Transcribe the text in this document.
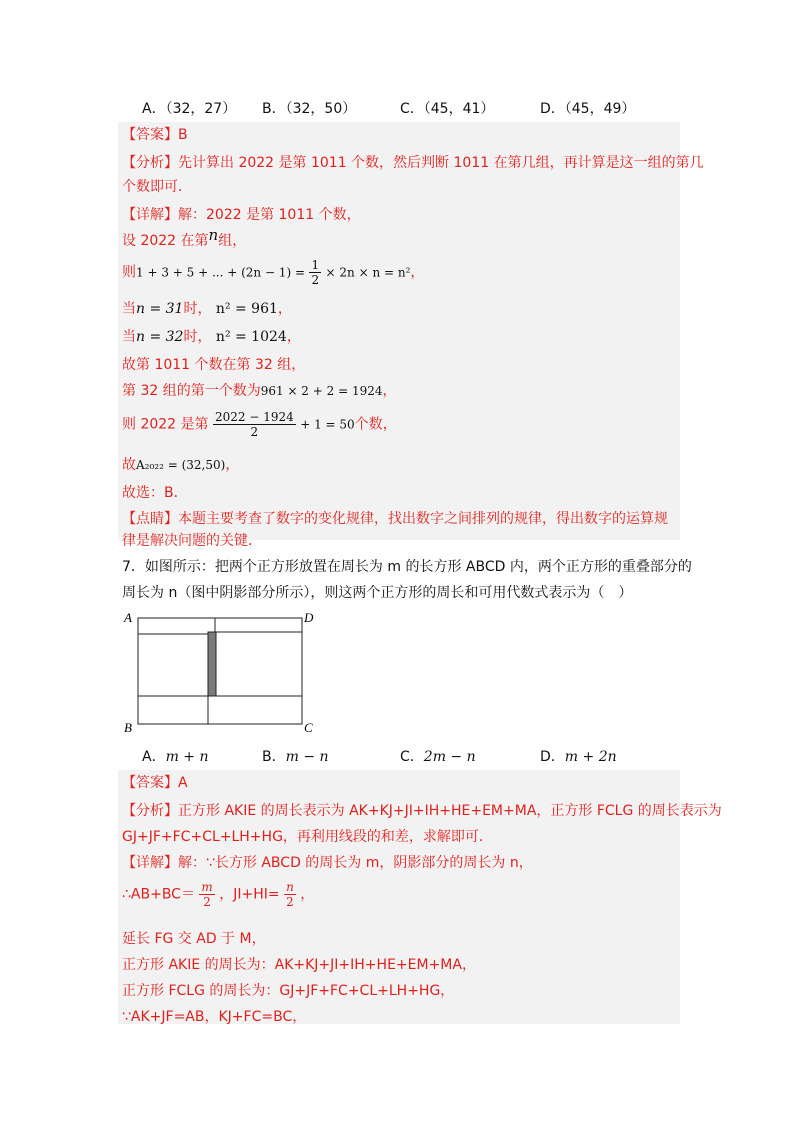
A．（32，27） B．（32，50）	C．（45，41）	D．（45，49）
【答案】B
【分析】先计算出 2022 是第 1011 个数，然后判断 1011 在第几组，再计算是这一组的第几
个数即可．
【详解】解：2022 是第 1011 个数，
设 2022 在第n组，
则1 + 3 + 5 + ... + $(2n - 1) = \frac{1}{2} \times 2n \times n = n^2$，
当n = 31时， n² = 961，
当n = 32时， n² = 1024，
故第 1011 个数在第 32 组，
第 32 组的第一个数为961 × 2 + 2 = 1924，
则 2022 是第 $\frac{2022 - 1924}{2} + 1 = 50$个数，
故A₂₀₂₂ = (32,50)，
故选：B．
【点睛】本题主要考查了数字的变化规律，找出数字之间排列的规律，得出数字的运算规
律是解决问题的关键．
7．如图所示：把两个正方形放置在周长为 m 的长方形 ABCD 内，两个正方形的重叠部分的
周长为 n（图中阴影部分所示），则这两个正方形的周长和可用代数式表示为（　）
A	D
B	C
A．m + n	B．m − n	C．2m − n	D．m + 2n
【答案】A
【分析】正方形 AKIE 的周长表示为 AK+KJ+JI+IH+HE+EM+MA，正方形 FCLG 的周长表示为
GJ+JF+FC+CL+LH+HG，再利用线段的和差，求解即可．
【详解】解：∵长方形 ABCD 的周长为 m，阴影部分的周长为 n，
∴AB+BC＝ $\frac{m}{2}$ ，$JI+HI= \frac{n}{2}$ ，
延长 FG 交 AD 于 M，
正方形 AKIE 的周长为：AK+KJ+JI+IH+HE+EM+MA，
正方形 FCLG 的周长为：GJ+JF+FC+CL+LH+HG，
∵AK+JF=AB，KJ+FC=BC，
